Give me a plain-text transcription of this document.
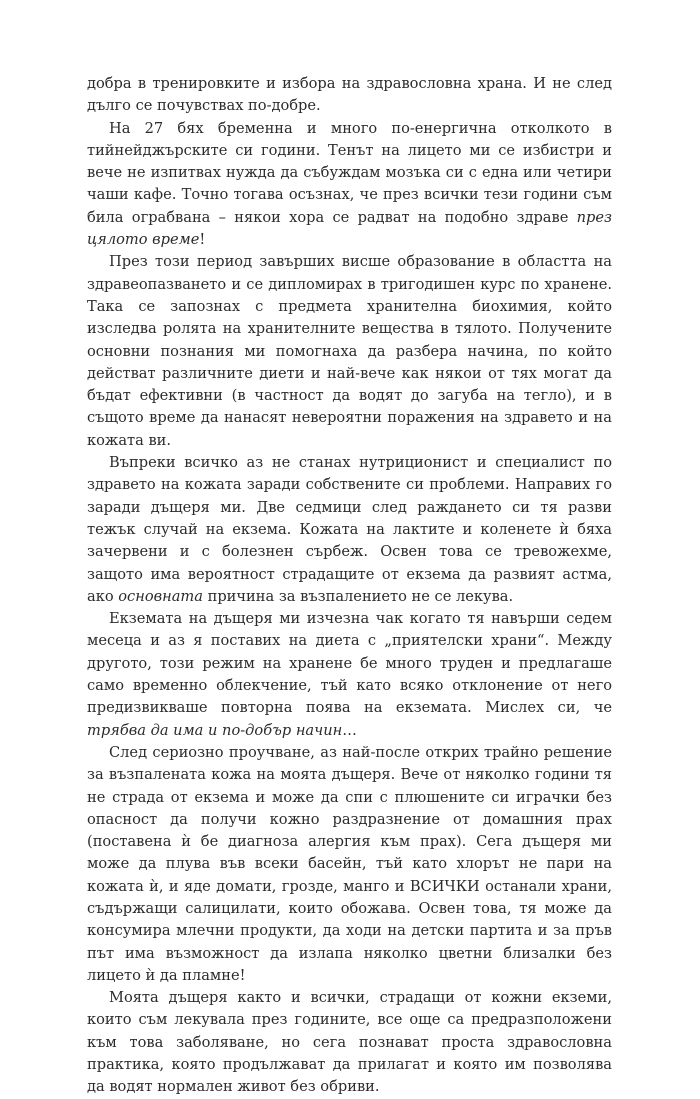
добра в тренировките и избора на здравословна храна. И не след дълго се почувствах по-добре.

На 27 бях бременна и много по-енергична отколкото в тийнейджърските си години. Тенът на лицето ми се избистри и вече не изпитвах нужда да събуждам мозъка си с една или четири чаши кафе. Точно тогава осъзнах, че през всички тези години съм била ограбвана – някои хора се радват на подобно здраве през цялото време!

През този период завърших висше образование в областта на здравеопазването и се дипломирах в тригодишен курс по хранене. Така се запознах с предмета хранителна биохимия, който изследва ролята на хранителните вещества в тялото. Получените основни познания ми помогнаха да разбера начина, по който действат различните диети и най-вече как някои от тях могат да бъдат ефективни (в частност да водят до загуба на тегло), и в същото време да нанасят невероятни поражения на здравето и на кожата ви.

Въпреки всичко аз не станах нутриционист и специалист по здравето на кожата заради собствените си проблеми. Направих го заради дъщеря ми. Две седмици след раждането си тя разви тежък случай на екзема. Кожата на лактите и коленете ѝ бяха зачервени и с болезнен сърбеж. Освен това се тревожехме, защото има вероятност страдащите от екзема да развият астма, ако основната причина за възпалението не се лекува.

Екземата на дъщеря ми изчезна чак когато тя навърши седем месеца и аз я поставих на диета с „приятелски храни“. Между другото, този режим на хранене бе много труден и предлагаше само временно облекчение, тъй като всяко отклонение от него предизвикваше повторна поява на екземата. Мислех си, че трябва да има и по-добър начин…

След сериозно проучване, аз най-после открих трайно решение за възпалената кожа на моята дъщеря. Вече от няколко години тя не страда от екзема и може да спи с плюшените си играчки без опасност да получи кожно раздразнение от домашния прах (поставена ѝ бе диагноза алергия към прах). Сега дъщеря ми може да плува във всеки басейн, тъй като хлорът не пари на кожата ѝ, и яде домати, грозде, манго и ВСИЧКИ останали храни, съдържащи салицилати, които обожава. Освен това, тя може да консумира млечни продукти, да ходи на детски партита и за пръв път има възможност да излапа няколко цветни близалки без лицето ѝ да пламне!

Моята дъщеря както и всички, страдащи от кожни екземи, които съм лекувала през годините, все още са предразположени към това заболяване, но сега познават проста здравословна практика, която продължават да прилагат и която им позволява да водят нормален живот без обриви.
